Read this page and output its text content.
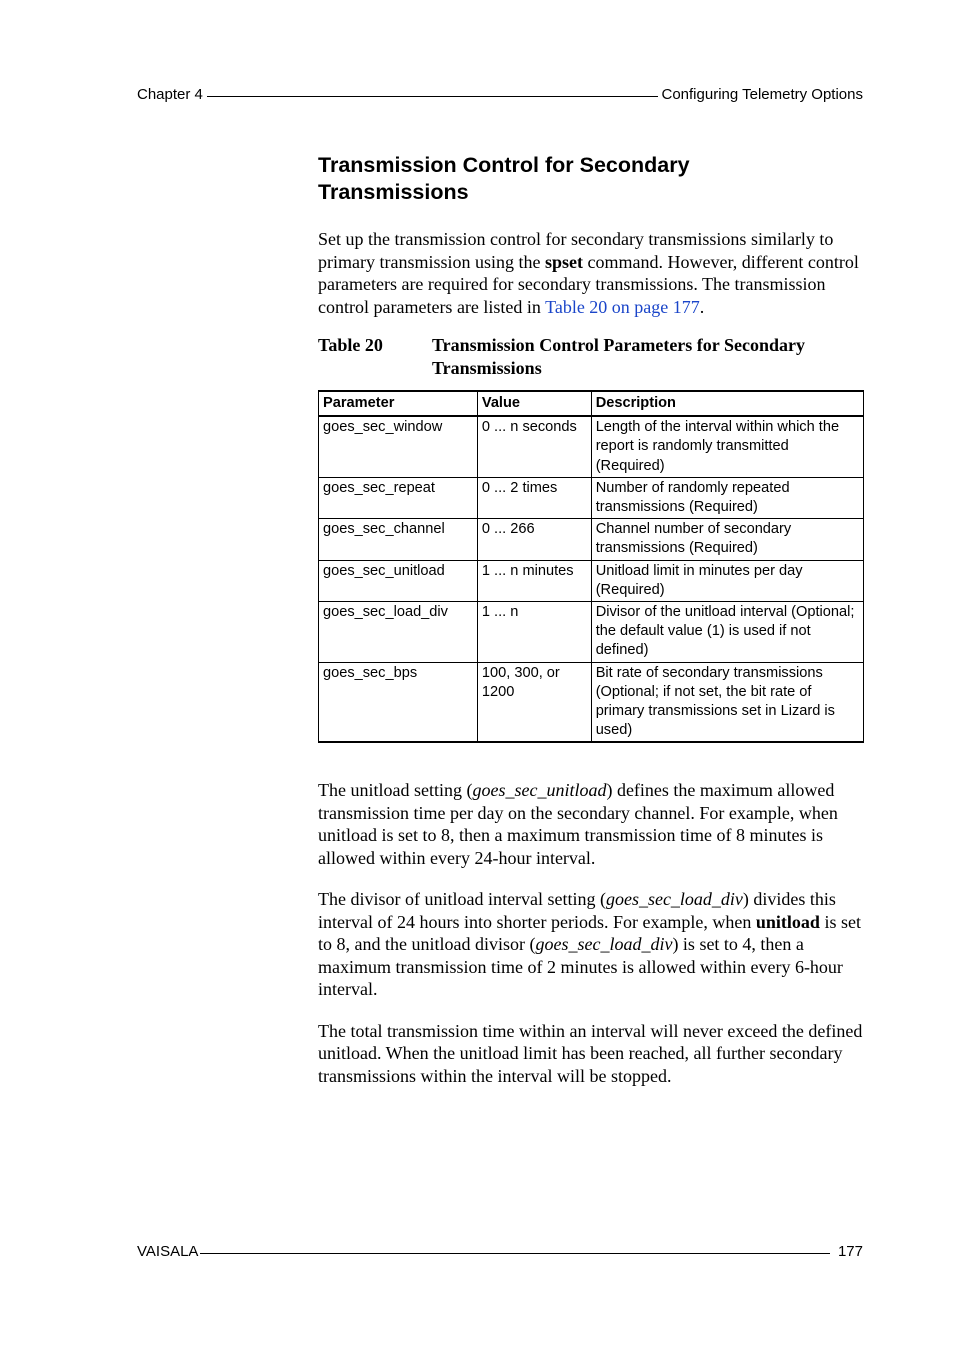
Chapter 4	Configuring Telemetry Options
Transmission Control for Secondary Transmissions

Set up the transmission control for secondary transmissions similarly to primary transmission using the spset command. However, different control parameters are required for secondary transmissions. The transmission control parameters are listed in Table 20 on page 177.

Table 20	Transmission Control Parameters for Secondary Transmissions
Parameter	Value	Description
goes_sec_window	0 ... n seconds	Length of the interval within which the report is randomly transmitted (Required)
goes_sec_repeat	0 ... 2 times	Number of randomly repeated transmissions (Required)
goes_sec_channel	0 ... 266	Channel number of secondary transmissions (Required)
goes_sec_unitload	1 ... n minutes	Unitload limit in minutes per day (Required)
goes_sec_load_div	1 ... n	Divisor of the unitload interval (Optional; the default value (1) is used if not defined)
goes_sec_bps	100, 300, or 1200	Bit rate of secondary transmissions (Optional; if not set, the bit rate of primary transmissions set in Lizard is used)

The unitload setting (goes_sec_unitload) defines the maximum allowed transmission time per day on the secondary channel. For example, when unitload is set to 8, then a maximum transmission time of 8 minutes is allowed within every 24-hour interval.

The divisor of unitload interval setting (goes_sec_load_div) divides this interval of 24 hours into shorter periods. For example, when unitload is set to 8, and the unitload divisor (goes_sec_load_div) is set to 4, then a maximum transmission time of 2 minutes is allowed within every 6-hour interval.

The total transmission time within an interval will never exceed the defined unitload. When the unitload limit has been reached, all further secondary transmissions within the interval will be stopped.

VAISALA	177
